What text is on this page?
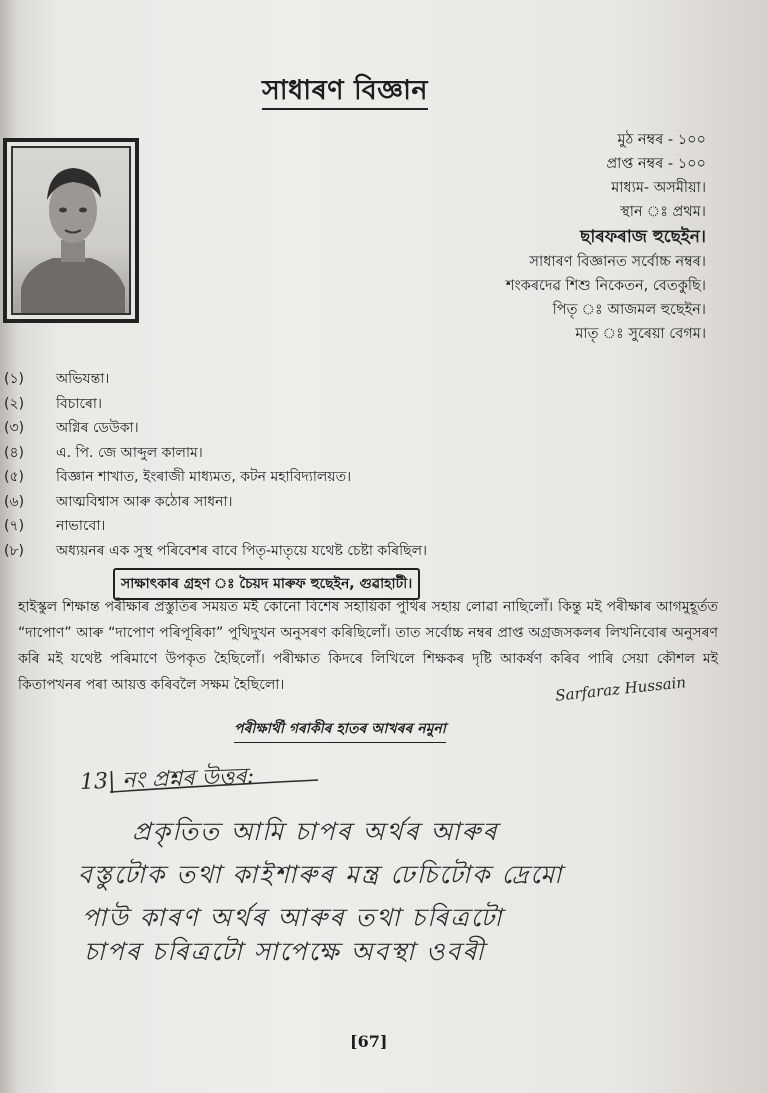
সাধাৰণ বিজ্ঞান
মুঠ নম্বৰ - ১০০
প্ৰাপ্ত নম্বৰ - ১০০
মাধ্যম- অসমীয়া।
স্থান ঃ প্ৰথম।
ছাৰফৰাজ হুছেইন।
সাধাৰণ বিজ্ঞানত সৰ্বোচ্চ নম্বৰ।
শংকৰদেৱ শিশু নিকেতন, বেতকুছি।
পিতৃ ঃ আজমল হুছেইন।
মাতৃ ঃ সুৰেয়া বেগম।
(১)	অভিযন্তা।
(২)	বিচাৰো।
(৩)	অগ্নিৰ ডেউকা।
(৪)	এ. পি. জে আব্দুল কালাম।
(৫)	বিজ্ঞান শাখাত, ইংৰাজী মাধ্যমত, কটন মহাবিদ্যালয়ত।
(৬)	আত্মবিশ্বাস আৰু কঠোৰ সাধনা।
(৭)	নাভাবো।
(৮)	অধ্যয়নৰ এক সুস্থ পৰিবেশৰ বাবে পিতৃ-মাতৃয়ে যথেষ্ট চেষ্টা কৰিছিল।
সাক্ষাৎকাৰ গ্ৰহণ ঃ চৈয়দ মাৰুফ হুছেইন, গুৱাহাটী।
হাইস্কুল শিক্ষান্ত পৰীক্ষাৰ প্ৰস্তুতিৰ সময়ত মই কোনো বিশেষ সহায়িকা পুথিৰ সহায় লোৱা নাছিলোঁ। কিন্তু মই পৰীক্ষাৰ আগমুহূৰ্তত “দাপোণ” আৰু “দাপোণ পৰিপূৰিকা” পুথিদুখন অনুসৰণ কৰিছিলোঁ। তাত সৰ্বোচ্চ নম্বৰ প্ৰাপ্ত অগ্ৰজসকলৰ লিখনিবোৰ অনুসৰণ কৰি মই যথেষ্ট পৰিমাণে উপকৃত হৈছিলোঁ। পৰীক্ষাত কিদৰে লিখিলে শিক্ষকৰ দৃষ্টি আকৰ্ষণ কৰিব পাৰি সেয়া কৌশল মই কিতাপখনৰ পৰা আয়ত্ত কৰিবলৈ সক্ষম হৈছিলো।	Sarfaraz Hussain
পৰীক্ষাৰ্থী গৰাকীৰ হাতৰ আখৰৰ নমুনা
13| নং প্ৰশ্নৰ উত্তৰ:
প্ৰকৃতিত আমি চাপৰ অৰ্থৰ আৰুৰ
বস্তুটোক তথা কাইশাৰুৰ মন্ত্ৰ ঢেচিটোক দ্ৰেমো
পাউ কাৰণ অৰ্থৰ আৰুৰ তথা চৰিত্ৰটো
চাপৰ চৰিত্ৰটো সাপেক্ষে অবস্থা ওবৰী
[67]
